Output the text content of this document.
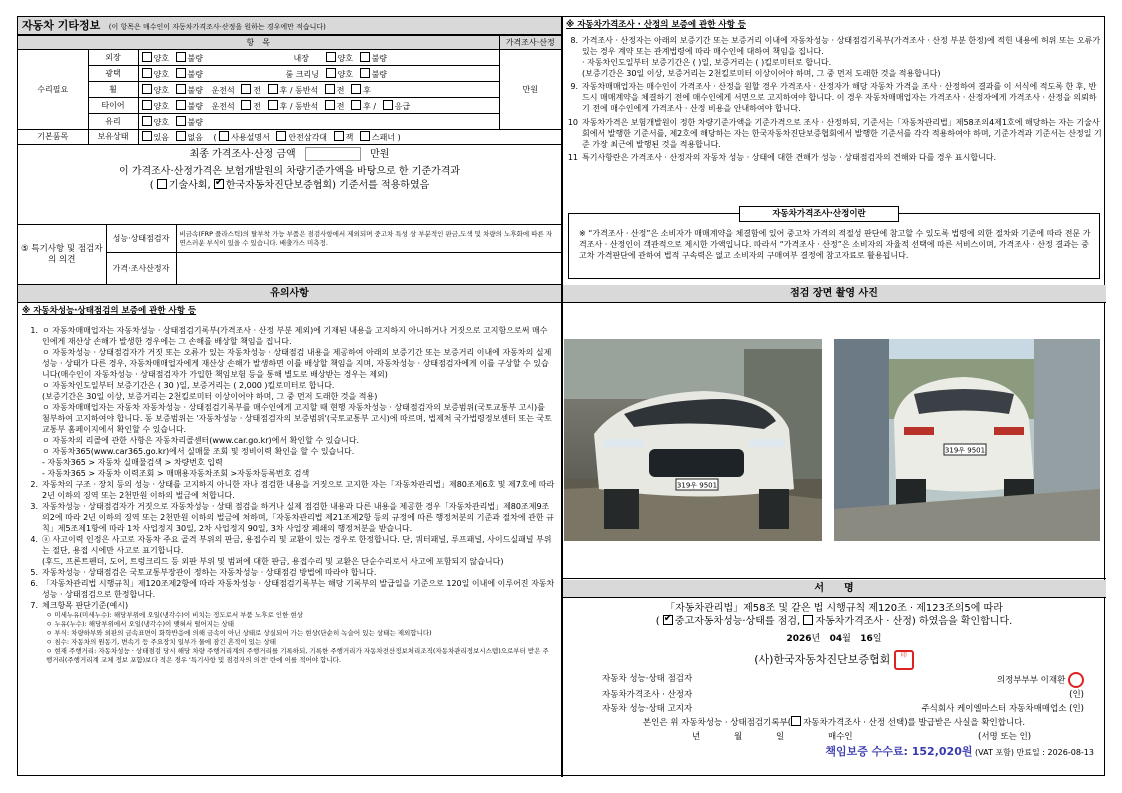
자동차 기타정보 (이 항목은 매수인이 자동차가격조사·산정을 원하는 경우에만 적습니다)
항　목			가격조사·산정
수리필요	외장	양호 불량 내장 양호 불량	만원
	광택	양호 불량 룸 크리닝 양호 불량	
	휠	양호 불량 운전석 전 후 / 동반석 전 후	
	타이어	양호 불량 운전석 전 후 / 동반석 전 후 / 응급	
	유리	양호 불량	
기본품목	보유상태	있음 없음 ( 사용설명서 안전삼각대 잭 스패너 )	
최종 가격조사·산정 금액	만원
이 가격조사·산정가격은 보험개발원의 차량기준가액을 바탕으로 한 기준가격과
( 기술사회, ✔한국자동차진단보증협회) 기준서를 적용하였음
⑤ 특기사항 및 점검자의 의견	성능·상태점검자	비금속(FRP 플라스틱)의 탈부착 가능 부품은 점검사항에서 제외되며 중고차 특성 상 부분적인 판금,도색 및 차량의 노후화에 따른 자연스러운 부식이 있을 수 있습니다. 배출가스 미측정.
	가격·조사산정자	
※ 자동차가격조사 · 산정의 보증에 관한 사항 등
8. 가격조사 · 산정자는 아래의 보증기간 또는 보증거리 이내에 자동차성능 · 상태점검기록부(가격조사 · 산정 부분 한정)에 적힌 내용에 허위 또는 오류가 있는 경우 계약 또는 관계법령에 따라 매수인에 대하여 책임을 집니다.
· 자동차인도일부터 보증기간은 ( )일, 보증거리는 ( )킬로미터로 합니다.
(보증기간은 30일 이상, 보증거리는 2천킬로미터 이상이어야 하며, 그 중 먼저 도래한 것을 적용합니다)
9. 자동차매매업자는 매수인이 가격조사 · 산정을 원할 경우 가격조사 · 산정자가 해당 자동차 가격을 조사 · 산정하여 결과를 이 서식에 적도록 한 후, 반드시 매매계약을 체결하기 전에 매수인에게 서면으로 고지하여야 합니다. 이 경우 자동차매매업자는 가격조사 · 산정자에게 가격조사 · 산정을 의뢰하기 전에 매수인에게 가격조사 · 산정 비용을 안내하여야 합니다.
10 자동차가격은 보험개발원이 정한 차량기준가액을 기준가격으로 조사 · 산정하되, 기준서는「자동차관리법」제58조의4제1호에 해당하는 자는 기술사회에서 발행한 기준서를, 제2호에 해당하는 자는 한국자동차진단보증협회에서 발행한 기준서를 각각 적용하여야 하며, 기준가격과 기준서는 산정일 기준 가장 최근에 발행된 것을 적용합니다.
11 특기사항란은 가격조사 · 산정자의 자동차 성능 · 상태에 대한 견해가 성능 · 상태점검자의 견해와 다를 경우 표시합니다.
자동차가격조사·산정이란
※ “가격조사 · 산정”은 소비자가 매매계약을 체결함에 있어 중고차 가격의 적절성 판단에 참고할 수 있도록 법령에 의한 절차와 기준에 따라 전문 가격조사 · 산정인이 객관적으로 제시한 가액입니다. 따라서 “가격조사 · 산정”은 소비자의 자율적 선택에 따른 서비스이며, 가격조사 · 산정 결과는 중고차 가격판단에 관하여 법적 구속력은 없고 소비자의 구매여부 결정에 참고자료로 활용됩니다.
유의사항
※ 자동차성능·상태점검의 보증에 관한 사항 등
1. ㅇ 자동차매매업자는 자동차성능 · 상태점검기록부(가격조사 · 산정 부분 제외)에 기재된 내용을 고지하지 아니하거나 거짓으로 고지함으로써 매수인에게 재산상 손해가 발생한 경우에는 그 손해를 배상할 책임을 집니다.
ㅇ 자동차성능 · 상태점검자가 거짓 또는 오류가 있는 자동차성능 · 상태점검 내용을 제공하여 아래의 보증기간 또는 보증거리 이내에 자동차의 실제 성능 · 상태가 다른 경우, 자동차매매업자에게 재산상 손해가 발생하면 이를 배상할 책임을 지며, 자동차성능 · 상태점검자에게 이를 구상할 수 있습니다(매수인이 자동차성능 · 상태점검자가 가입한 책임보험 등을 통해 별도로 배상받는 경우는 제외)
ㅇ 자동차인도일부터 보증기간은 ( 30 )일, 보증거리는 ( 2,000 )킬로미터로 합니다.
(보증기간은 30일 이상, 보증거리는 2천킬로미터 이상이어야 하며, 그 중 먼저 도래한 것을 적용)
ㅇ 자동차매매업자는 자동차 자동차성능 · 상태점검기록부를 매수인에게 고지할 때 현행 자동차성능 · 상태점검자의 보증범위(국토교통부 고시)를 첨부하여 고지하여야 합니다. 동 보증범위는 '자동차성능 · 상태점검자의 보증범위'(국토교통부 고시)에 따르며, 법제처 국가법령정보센터 또는 국토교통부 홈페이지에서 확인할 수 있습니다.
ㅇ 자동차의 리콜에 관한 사항은 자동차리콜센터(www.car.go.kr)에서 확인할 수 있습니다.
ㅇ 자동차365(www.car365.go.kr)에서 실매물 조회 및 정비이력 확인을 할 수 있습니다.
- 자동차365 > 자동차 실매물검색 > 차량번호 입력
- 자동차365 > 자동차 이력조회 > 매매용자동차조회 >자동차등록번호 검색
2. 자동차의 구조 · 장치 등의 성능 · 상태를 고지하지 아니한 자나 점검한 내용을 거짓으로 고지한 자는「자동차관리법」제80조제6호 및 제7호에 따라 2년 이하의 징역 또는 2천만원 이하의 벌금에 처합니다.
3. 자동차성능 · 상태점검자가 거짓으로 자동차성능 · 상태 점검을 하거나 실제 점검한 내용과 다른 내용을 제공한 경우「자동차관리법」제80조제9조의2에 따라 2년 이하의 징역 또는 2천만원 이하의 벌금에 처하며,「자동차관리법 제21조제2항 등의 규정에 따른 행정처분의 기준과 절차에 관한 규칙」제5조제1항에 따라 1차 사업정지 30일, 2차 사업정지 90일, 3차 사업장 폐쇄의 행정처분을 받습니다.
4. ⓐ 사고이력 인정은 사고로 자동차 주요 골격 부위의 판금, 용접수리 및 교환이 있는 경우로 한정합니다. 단, 쿼터패널, 루프패널, 사이드실패널 부위는 절단, 용접 시에만 사고로 표기합니다.
(후드, 프론트펜더, 도어, 트렁크리드 등 외판 부위 및 범퍼에 대한 판금, 용접수리 및 교환은 단순수리로서 사고에 포함되지 않습니다)
5. 자동차성능 · 상태점검은 국토교통부장관이 정하는 자동차성능 · 상태점검 방법에 따라야 합니다.
6. 「자동차관리법 시행규칙」제120조제2항에 따라 자동차성능 · 상태점검기록부는 해당 기록부의 발급일을 기준으로 120일 이내에 이루어진 자동차 성능 · 상태점검으로 한정합니다.
7. 체크항목 판단기준(예시)
ㅇ 미세누유(미세누수): 해당부위에 오일(냉각수)이 비치는 정도로서 부품 노후로 인한 현상
ㅇ 누유(누수): 해당부위에서 오일(냉각수)이 맺혀서 떨어지는 상태
ㅇ 부식: 차량하부와 외판의 금속표면이 화학반응에 의해 금속이 아닌 상태로 상실되어 가는 현상(단순히 녹슬어 있는 상태는 제외합니다)
ㅇ 침수: 자동차의 원동기, 변속기 등 주요장치 일부가 물에 잠긴 흔적이 있는 상태
ㅇ 현재 주행거리: 자동차성능 · 상태점검 당시 해당 차량 주행거리계의 주행거리를 기록하되, 기록한 주행거리가 자동차전산정보처리조직(자동차관리정보시스템)으로부터 받은 주행거리(주행거리계 교체 정보 포함)보다 적은 경우 '특기사항 및 점검자의 의견' 란에 이를 적어야 합니다.
점검 장면 촬영 사진
319우 9501
319우 9501
서　　명
「자동차관리법」제58조 및 같은 법 시행규칙 제120조 · 제123조의5에 따라
( ✔중고자동차성능·상태를 점검, 자동차가격조사 · 산정) 하였음을 확인합니다.
2026년 04월 16일
(사)한국자동차진단보증협회 印
자동차 성능·상태 점검자	의정부부부 이재환
자동차가격조사 · 산정자	(인)
자동차 성능·상태 고지자	주식회사 케이엘마스터 자동차매매업소 (인)
본인은 위 자동차성능 · 상태점검기록부( 자동차가격조사 · 산정 선택)를 발급받은 사실을 확인합니다.
년	월	일	매수인	(서명 또는 인)
책임보증 수수료: 152,020원 (VAT 포함) 만료일 : 2026-08-13
